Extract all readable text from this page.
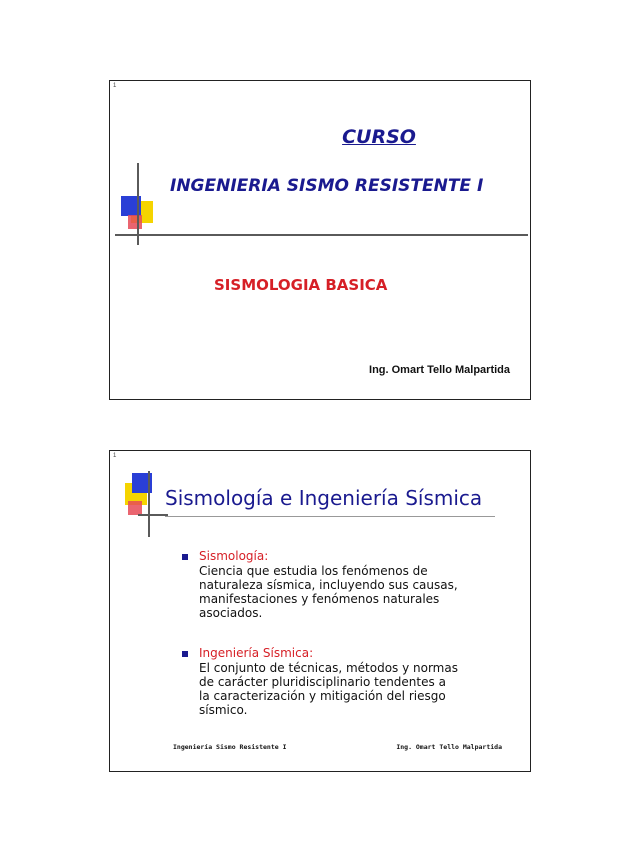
1
CURSO
INGENIERIA SISMO RESISTENTE I
SISMOLOGIA BASICA
Ing. Omart Tello Malpartida
1
Sismología e Ingeniería Sísmica
Sismología:
Ciencia que estudia los fenómenos de naturaleza sísmica, incluyendo sus causas, manifestaciones y fenómenos naturales asociados.
Ingeniería Sísmica:
El conjunto de técnicas, métodos y normas de carácter pluridisciplinario tendentes a la caracterización y mitigación del riesgo sísmico.
Ingeniería Sismo Resistente I	Ing. Omart Tello Malpartida
